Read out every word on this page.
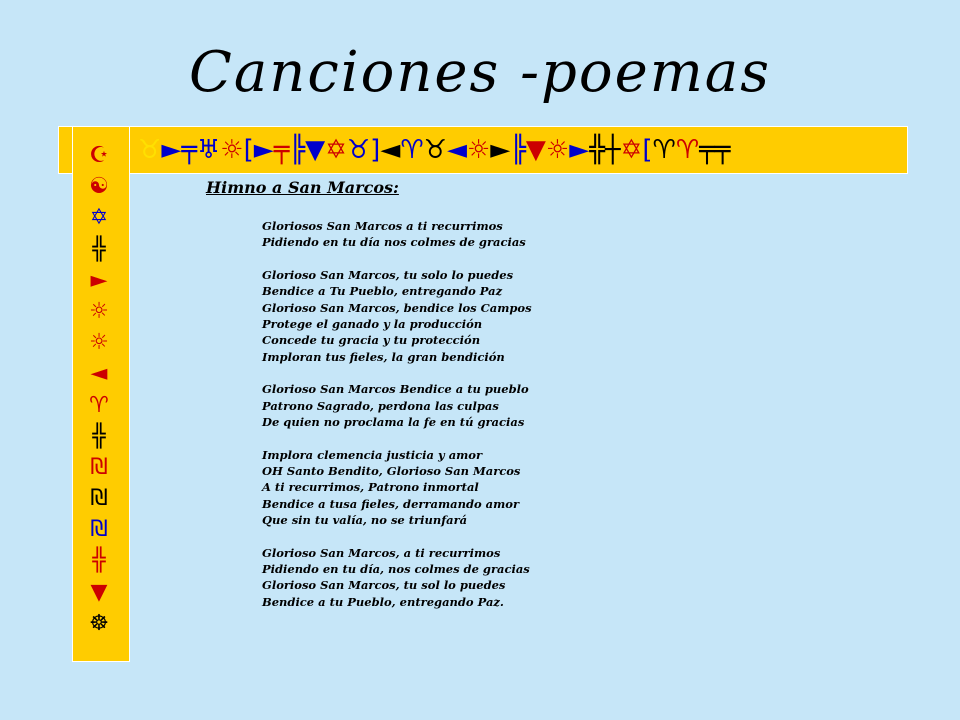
Canciones -poemas
♉ ► ╤ ♅ ☼ [ ► ╤ ╠ ▼ ✡ ♉ ] ◄ ♈ ♉ ◄ ☼ ► ╠ ▼ ☼ ► ╬ ┼ ✡ [ ♈ ♈ ╤ ╤
☪
☯
✡
╬
►
☼
☼
◄
♈
╬
₪
₪
₪
╬
▼
☸
Himno a San Marcos:
Gloriosos San Marcos a ti recurrimos
Pidiendo en tu día nos colmes de gracias
Glorioso San Marcos, tu solo lo puedes
Bendice a Tu Pueblo, entregando Paz
Glorioso San Marcos, bendice los Campos
Protege el ganado y la producción
Concede tu gracia y tu protección
Imploran tus fieles, la gran bendición
Glorioso San Marcos Bendice a tu pueblo
Patrono Sagrado, perdona las culpas
De quien no proclama la fe en tú gracias
Implora clemencia justicia y amor
OH Santo Bendito, Glorioso San Marcos
A ti recurrimos, Patrono inmortal
Bendice a tusa fieles, derramando amor
Que sin tu valía, no se triunfará
Glorioso San Marcos, a ti recurrimos
Pidiendo en tu día, nos colmes de gracias
Glorioso San Marcos, tu sol lo puedes
Bendice a tu Pueblo, entregando Paz.
